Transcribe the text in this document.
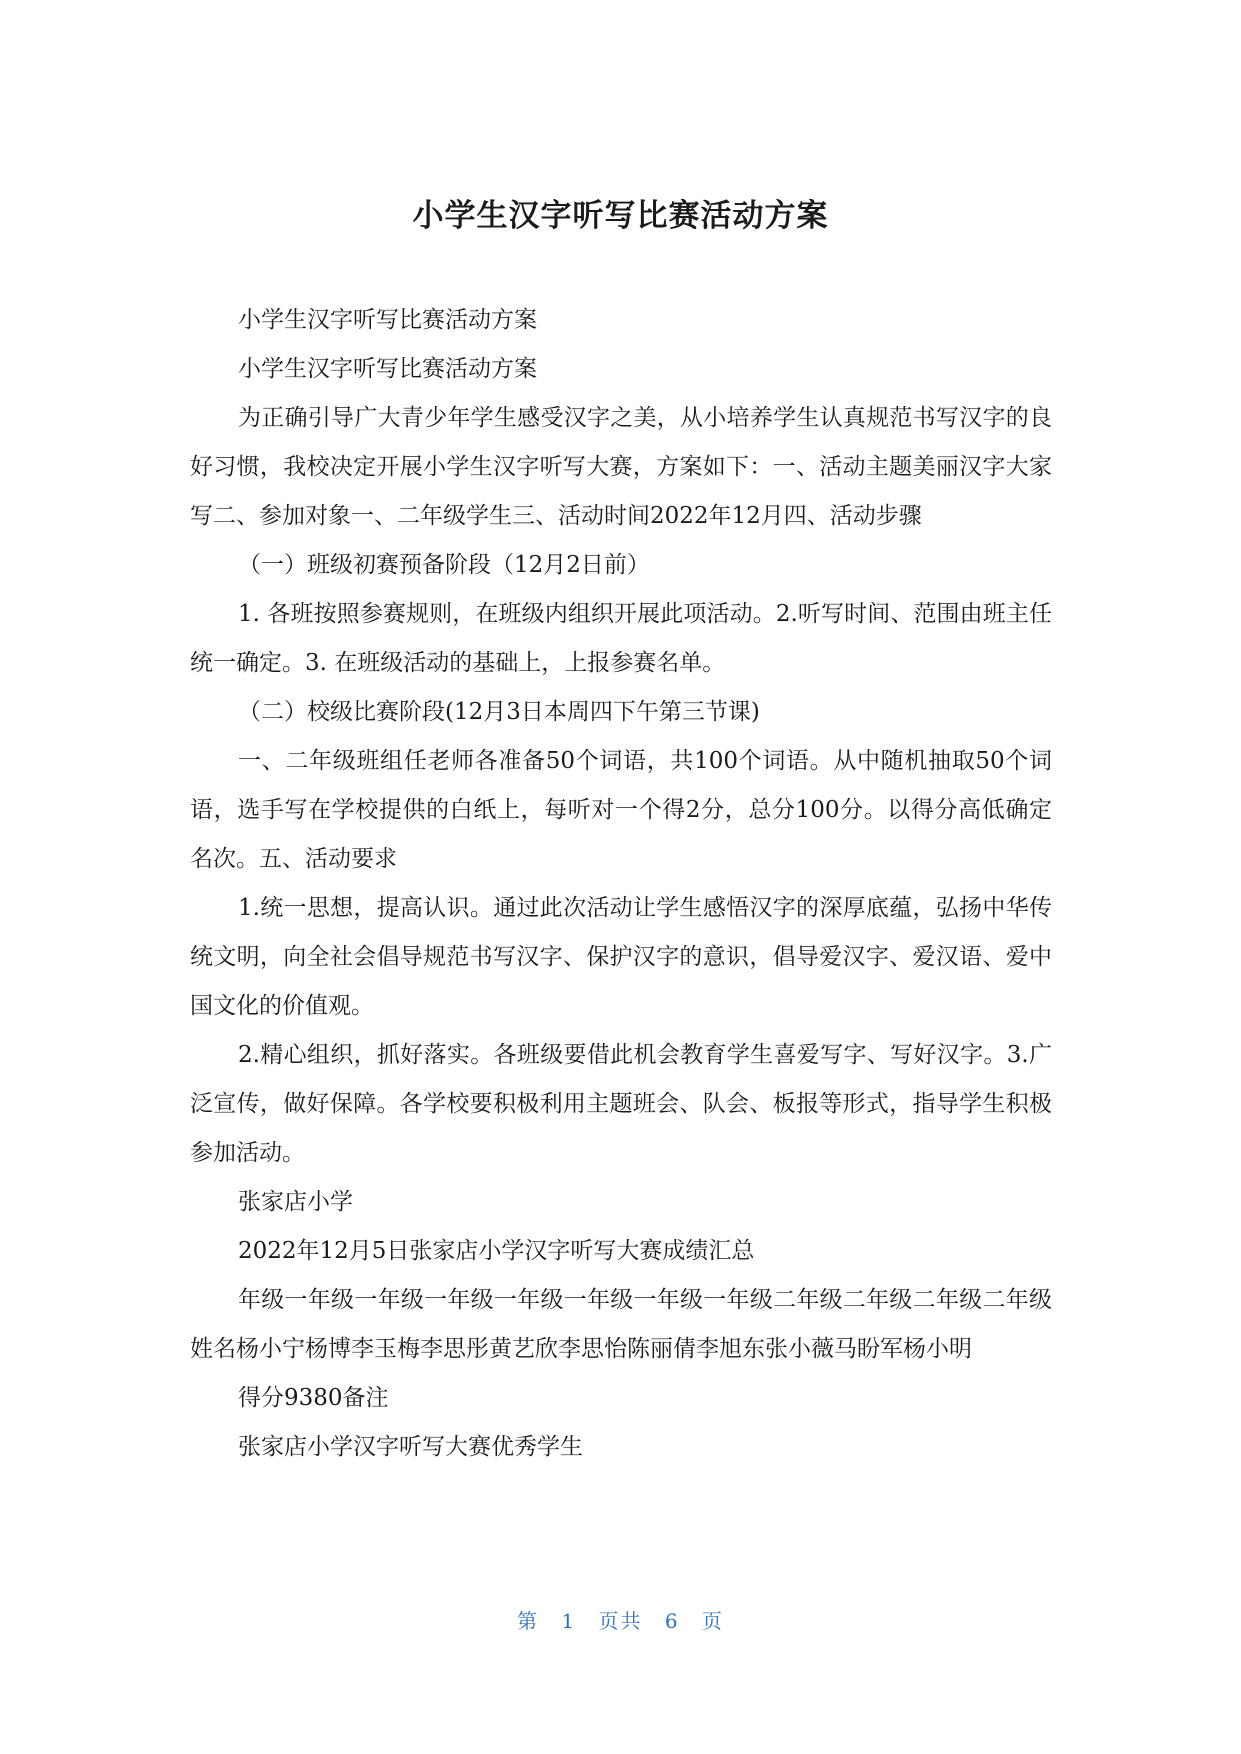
小学生汉字听写比赛活动方案

小学生汉字听写比赛活动方案

小学生汉字听写比赛活动方案

为正确引导广大青少年学生感受汉字之美，从小培养学生认真规范书写汉字的良好习惯，我校决定开展小学生汉字听写大赛，方案如下：一、活动主题美丽汉字大家写二、参加对象一、二年级学生三、活动时间2022年12月四、活动步骤

（一）班级初赛预备阶段（12月2日前）

1. 各班按照参赛规则，在班级内组织开展此项活动。2.听写时间、范围由班主任统一确定。3. 在班级活动的基础上，上报参赛名单。

（二）校级比赛阶段(12月3日本周四下午第三节课)

一、二年级班组任老师各准备50个词语，共100个词语。从中随机抽取50个词语，选手写在学校提供的白纸上，每听对一个得2分，总分100分。以得分高低确定名次。五、活动要求

1.统一思想，提高认识。通过此次活动让学生感悟汉字的深厚底蕴，弘扬中华传统文明，向全社会倡导规范书写汉字、保护汉字的意识，倡导爱汉字、爱汉语、爱中国文化的价值观。

2.精心组织，抓好落实。各班级要借此机会教育学生喜爱写字、写好汉字。3.广泛宣传，做好保障。各学校要积极利用主题班会、队会、板报等形式，指导学生积极参加活动。

张家店小学

2022年12月5日张家店小学汉字听写大赛成绩汇总

年级一年级一年级一年级一年级一年级一年级一年级二年级二年级二年级二年级姓名杨小宁杨博李玉梅李思彤黄艺欣李思怡陈丽倩李旭东张小薇马盼军杨小明

得分9380备注

张家店小学汉字听写大赛优秀学生

第 1 页共 6 页
